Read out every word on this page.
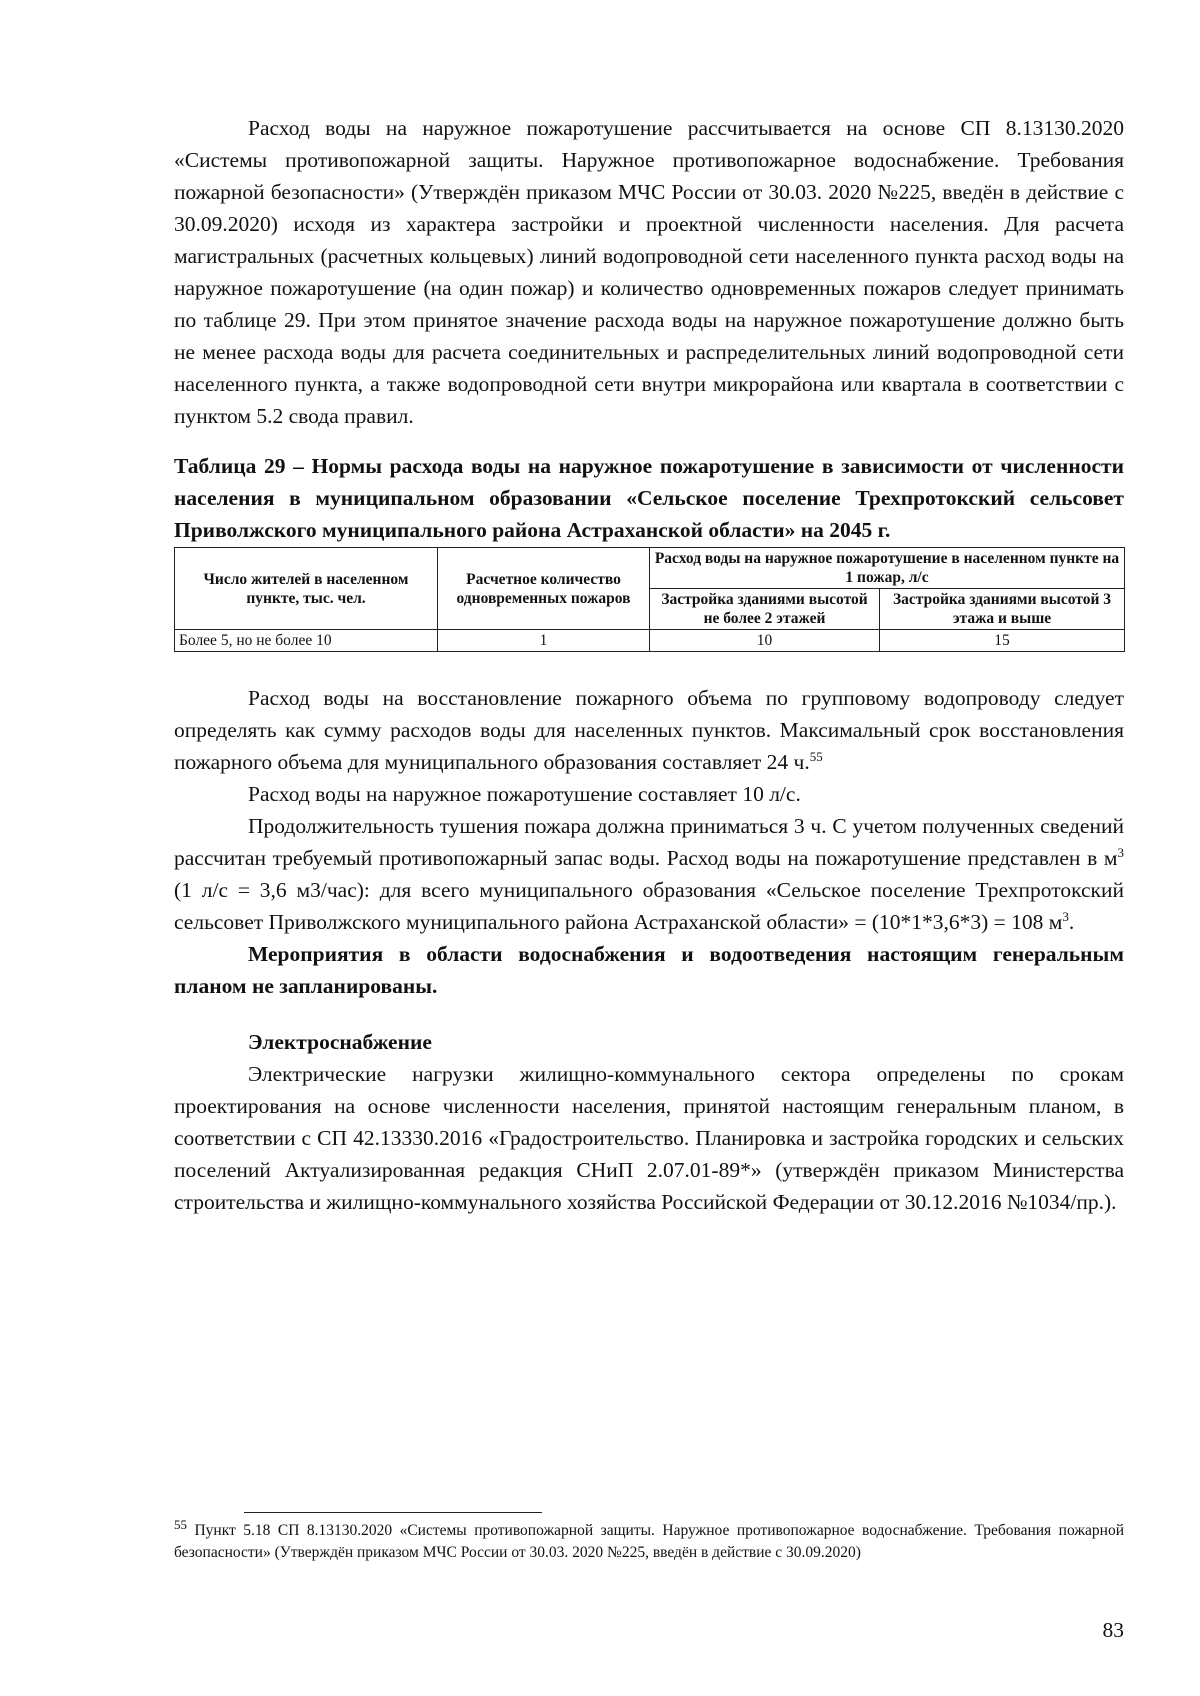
Расход воды на наружное пожаротушение рассчитывается на основе СП 8.13130.2020 «Системы противопожарной защиты. Наружное противопожарное водоснабжение. Требования пожарной безопасности» (Утверждён приказом МЧС России от 30.03. 2020 №225, введён в действие с 30.09.2020) исходя из характера застройки и проектной численности населения. Для расчета магистральных (расчетных кольцевых) линий водопроводной сети населенного пункта расход воды на наружное пожаротушение (на один пожар) и количество одновременных пожаров следует принимать по таблице 29. При этом принятое значение расхода воды на наружное пожаротушение должно быть не менее расхода воды для расчета соединительных и распределительных линий водопроводной сети населенного пункта, а также водопроводной сети внутри микрорайона или квартала в соответствии с пунктом 5.2 свода правил.

Таблица 29 – Нормы расхода воды на наружное пожаротушение в зависимости от численности населения в муниципальном образовании «Сельское поселение Трехпротокский сельсовет Приволжского муниципального района Астраханской области» на 2045 г.

Число жителей в населенном пункте, тыс. чел.	Расчетное количество одновременных пожаров	Расход воды на наружное пожаротушение в населенном пункте на 1 пожар, л/с	
		Застройка зданиями высотой не более 2 этажей	Застройка зданиями высотой 3 этажа и выше
Более 5, но не более 10	1	10	15

Расход воды на восстановление пожарного объема по групповому водопроводу следует определять как сумму расходов воды для населенных пунктов. Максимальный срок восстановления пожарного объема для муниципального образования составляет 24 ч.$^{55}$

Расход воды на наружное пожаротушение составляет 10 л/с.

Продолжительность тушения пожара должна приниматься 3 ч. С учетом полученных сведений рассчитан требуемый противопожарный запас воды. Расход воды на пожаротушение представлен в $м^3$ (1 л/с = 3,6 м3/час): для всего муниципального образования «Сельское поселение Трехпротокский сельсовет Приволжского муниципального района Астраханской области» = (10*1*3,6*3) = 108 $м^3$.

Мероприятия в области водоснабжения и водоотведения настоящим генеральным планом не запланированы.

Электроснабжение

Электрические нагрузки жилищно-коммунального сектора определены по срокам проектирования на основе численности населения, принятой настоящим генеральным планом, в соответствии с СП 42.13330.2016 «Градостроительство. Планировка и застройка городских и сельских поселений Актуализированная редакция СНиП 2.07.01-89*» (утверждён приказом Министерства строительства и жилищно-коммунального хозяйства Российской Федерации от 30.12.2016 №1034/пр.).

$^{55}$ Пункт 5.18 СП 8.13130.2020 «Системы противопожарной защиты. Наружное противопожарное водоснабжение. Требования пожарной безопасности» (Утверждён приказом МЧС России от 30.03. 2020 №225, введён в действие с 30.09.2020)
83
